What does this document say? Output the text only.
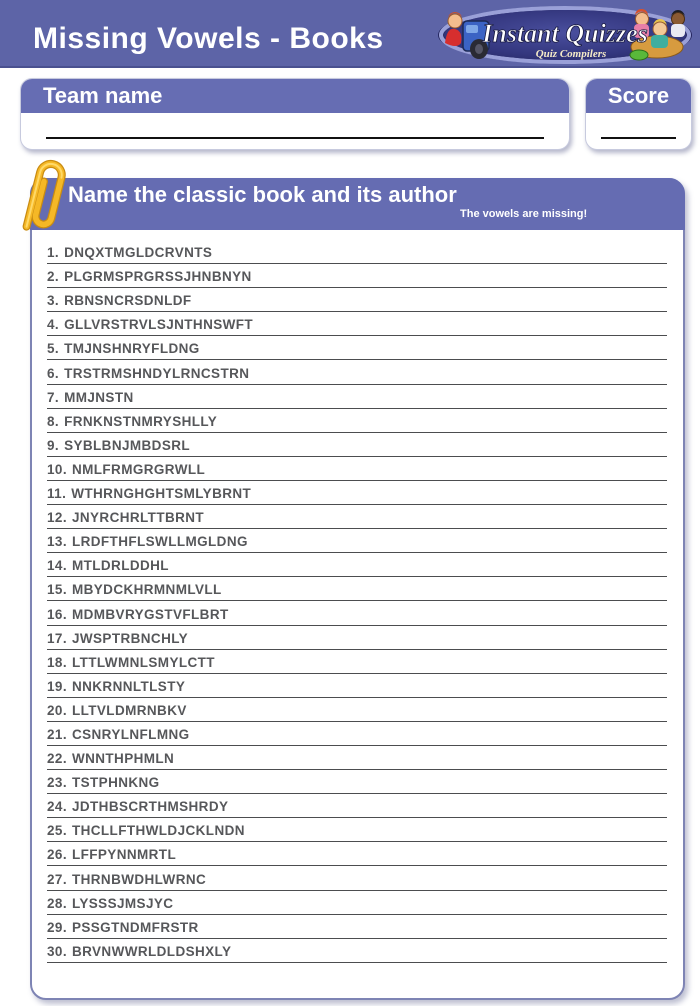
Missing Vowels - Books	Instant Quizzes
Quiz Compilers
Team name	Score
Name the classic book and its author
The vowels are missing!
1. DNQXTMGLDCRVNTS
2. PLGRMSPRGRSSJHNBNYN
3. RBNSNCRSDNLDF
4. GLLVRSTRVLSJNTHNSWFT
5. TMJNSHNRYFLDNG
6. TRSTRMSHNDYLRNCSTRN
7. MMJNSTN
8. FRNKNSTNMRYSHLLY
9. SYBLBNJMBDSRL
10. NMLFRMGRGRWLL
11. WTHRNGHGHTSMLYBRNT
12. JNYRCHRLTTBRNT
13. LRDFTHFLSWLLMGLDNG
14. MTLDRLDDHL
15. MBYDCKHRMNMLVLL
16. MDMBVRYGSTVFLBRT
17. JWSPTRBNCHLY
18. LTTLWMNLSMYLCTT
19. NNKRNNLTLSTY
20. LLTVLDMRNBKV
21. CSNRYLNFLMNG
22. WNNTHPHMLN
23. TSTPHNKNG
24. JDTHBSCRTHMSHRDY
25. THCLLFTHWLDJCKLNDN
26. LFFPYNNMRTL
27. THRNBWDHLWRNC
28. LYSSSJMSJYC
29. PSSGTNDMFRSTR
30. BRVNWWRLDLDSHXLY
